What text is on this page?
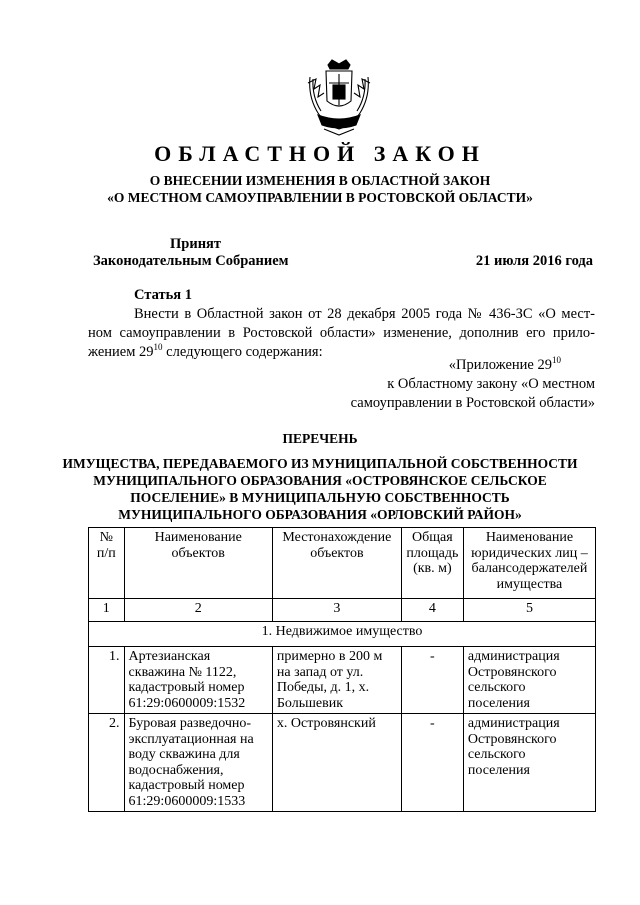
ОБЛАСТНОЙ ЗАКОН
О ВНЕСЕНИИ ИЗМЕНЕНИЯ В ОБЛАСТНОЙ ЗАКОН
«О МЕСТНОМ САМОУПРАВЛЕНИИ В РОСТОВСКОЙ ОБЛАСТИ»
Принят
Законодательным Собранием	21 июля 2016 года
Статья 1
Внести в Областной закон от 28 декабря 2005 года № 436-ЗС «О мест-
ном самоуправлении в Ростовской области» изменение, дополнив его прило-
жением $29^{10}$ следующего содержания:
«Приложение $29^{10}$
к Областному закону «О местном
самоуправлении в Ростовской области»
ПЕРЕЧЕНЬ
ИМУЩЕСТВА, ПЕРЕДАВАЕМОГО ИЗ МУНИЦИПАЛЬНОЙ СОБСТВЕННОСТИ
МУНИЦИПАЛЬНОГО ОБРАЗОВАНИЯ «ОСТРОВЯНСКОЕ СЕЛЬСКОЕ
ПОСЕЛЕНИЕ» В МУНИЦИПАЛЬНУЮ СОБСТВЕННОСТЬ
МУНИЦИПАЛЬНОГО ОБРАЗОВАНИЯ «ОРЛОВСКИЙ РАЙОН»
№ п/п	Наименование объектов	Местонахождение объектов	Общая площадь (кв. м)	Наименование юридических лиц – балансодержателей имущества
1	2	3	4	5
1. Недвижимое имущество				
1.	Артезианская скважина № 1122, кадастровый номер 61:29:0600009:1532	примерно в 200 м на запад от ул. Победы, д. 1, х. Большевик	-	администрация Островянского сельского поселения
2.	Буровая разведочно-эксплуатационная на воду скважина для водоснабжения, кадастровый номер 61:29:0600009:1533	х. Островянский	-	администрация Островянского сельского поселения
